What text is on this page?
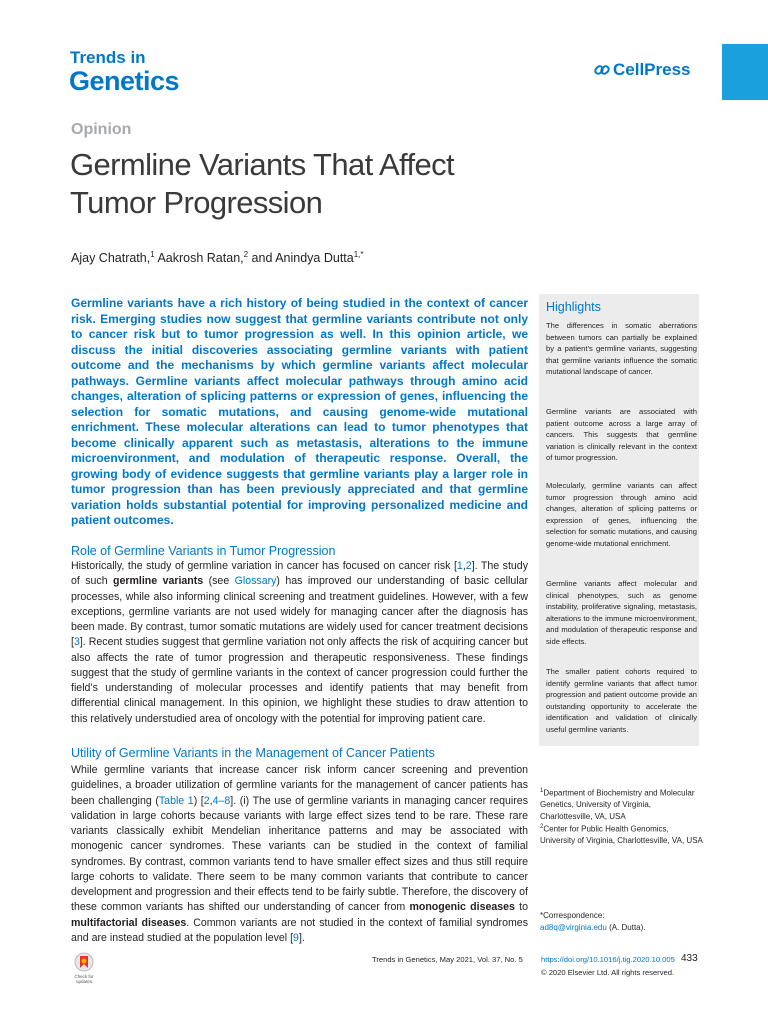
Trends in
Genetics	CellPress
Opinion
Germline Variants That Affect Tumor Progression
Ajay Chatrath,$^1$ Aakrosh Ratan,$^2$ and Anindya Dutta$^{1,*}$
Germline variants have a rich history of being studied in the context of cancer risk. Emerging studies now suggest that germline variants contribute not only to cancer risk but to tumor progression as well. In this opinion article, we discuss the initial discoveries associating germline variants with patient outcome and the mechanisms by which germline variants affect molecular pathways. Germline variants affect molecular pathways through amino acid changes, alteration of splicing patterns or expression of genes, influencing the selection for somatic mutations, and causing genome-wide mutational enrichment. These molecular alterations can lead to tumor phenotypes that become clinically apparent such as metastasis, alterations to the immune microenvironment, and modulation of therapeutic response. Overall, the growing body of evidence suggests that germline variants play a larger role in tumor progression than has been previously appreciated and that germline variation holds substantial potential for improving personalized medicine and patient outcomes.
Role of Germline Variants in Tumor Progression
Historically, the study of germline variation in cancer has focused on cancer risk [1,2]. The study of such germline variants (see Glossary) has improved our understanding of basic cellular processes, while also informing clinical screening and treatment guidelines. However, with a few exceptions, germline variants are not used widely for managing cancer after the diagnosis has been made. By contrast, tumor somatic mutations are widely used for cancer treatment decisions [3]. Recent studies suggest that germline variation not only affects the risk of acquiring cancer but also affects the rate of tumor progression and therapeutic responsiveness. These findings suggest that the study of germline variants in the context of cancer progression could further the field’s understanding of molecular processes and identify patients that may benefit from differential clinical management. In this opinion, we highlight these studies to draw attention to this relatively understudied area of oncology with the potential for improving patient care.
Utility of Germline Variants in the Management of Cancer Patients
While germline variants that increase cancer risk inform cancer screening and prevention guidelines, a broader utilization of germline variants for the management of cancer patients has been challenging (Table 1) [2,4–8]. (i) The use of germline variants in managing cancer requires validation in large cohorts because variants with large effect sizes tend to be rare. These rare variants classically exhibit Mendelian inheritance patterns and may be associated with monogenic cancer syndromes. These variants can be studied in the context of familial syndromes. By contrast, common variants tend to have smaller effect sizes and thus still require large cohorts to validate. There seem to be many common variants that contribute to cancer development and progression and their effects tend to be fairly subtle. Therefore, the discovery of these common variants has shifted our understanding of cancer from monogenic diseases to multifactorial diseases. Common variants are not studied in the context of familial syndromes and are instead studied at the population level [9].
Highlights
The differences in somatic aberrations between tumors can partially be explained by a patient’s germline variants, suggesting that germline variants influence the somatic mutational landscape of cancer.
Germline variants are associated with patient outcome across a large array of cancers. This suggests that germline variation is clinically relevant in the context of tumor progression.
Molecularly, germline variants can affect tumor progression through amino acid changes, alteration of splicing patterns or expression of genes, influencing the selection for somatic mutations, and causing genome-wide mutational enrichment.
Germline variants affect molecular and clinical phenotypes, such as genome instability, proliferative signaling, metastasis, alterations to the immune microenvironment, and modulation of therapeutic response and side effects.
The smaller patient cohorts required to identify germline variants that affect tumor progression and patient outcome provide an outstanding opportunity to accelerate the identification and validation of clinically useful germline variants.
$^1$Department of Biochemistry and Molecular Genetics, University of Virginia, Charlottesville, VA, USA
$^2$Center for Public Health Genomics, University of Virginia, Charlottesville, VA, USA
*Correspondence:
ad8q@virginia.edu (A. Dutta).
Check for updates
Trends in Genetics, May 2021, Vol. 37, No. 5 https://doi.org/10.1016/j.tig.2020.10.005
© 2020 Elsevier Ltd. All rights reserved.
433
